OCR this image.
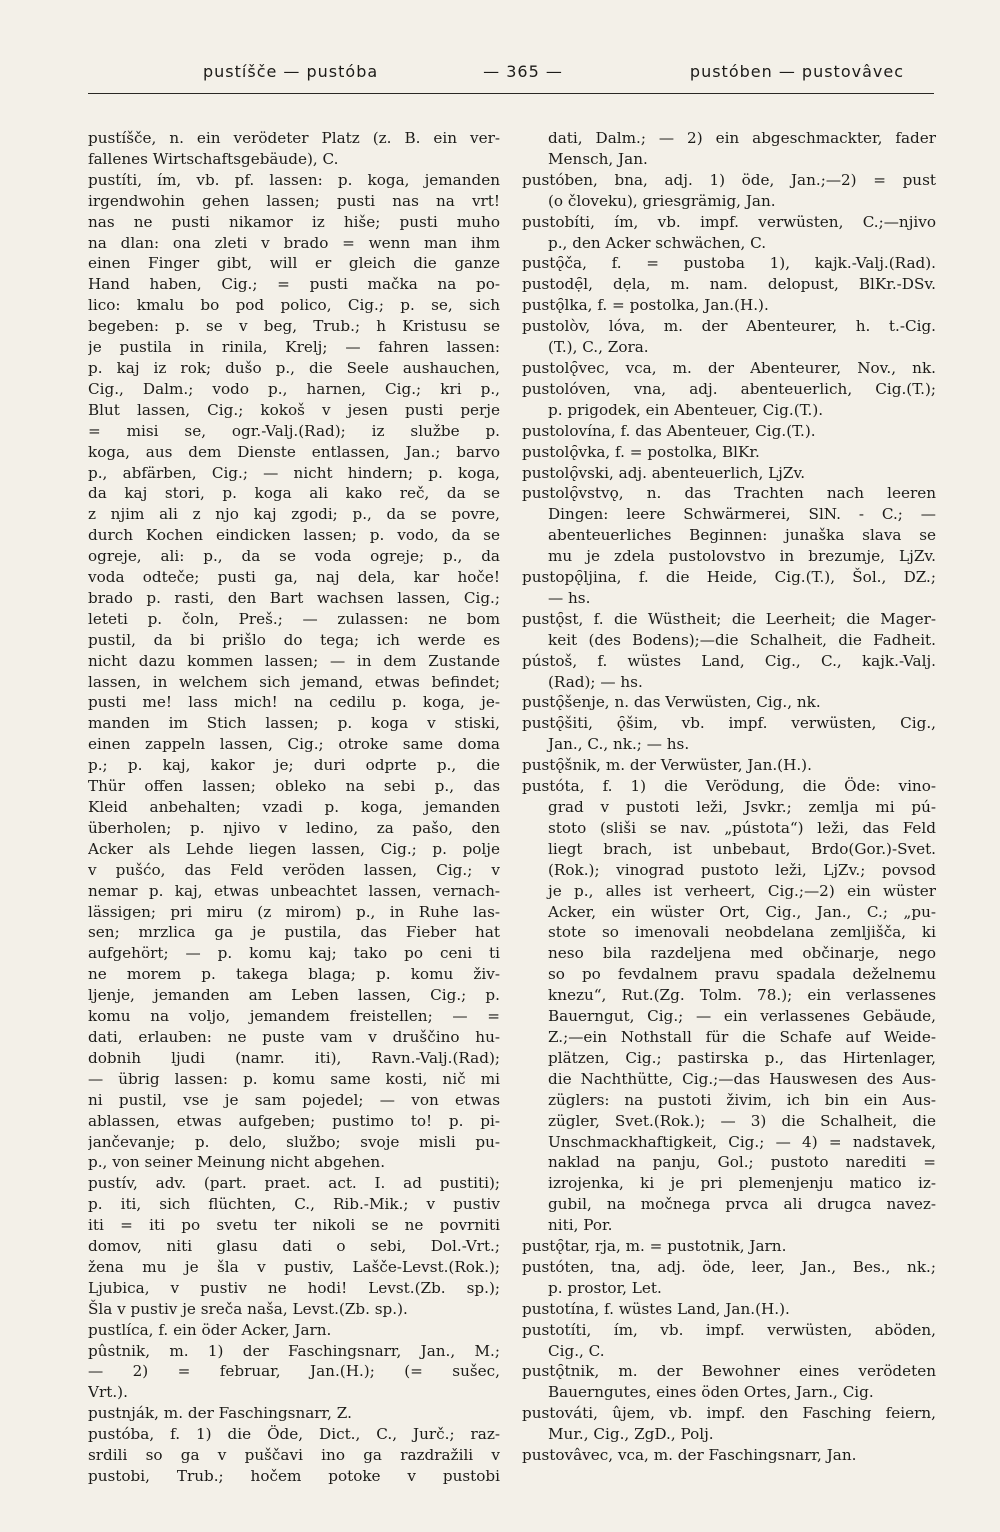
pustíšče — pustóba	— 365 —	pustóben — pustovâvec
pustíšče, n. ein verödeter Platz (z. B. ein ver-
fallenes Wirtschaftsgebäude), C.
pustíti, ím, vb. pf. lassen: p. koga, jemanden
irgendwohin gehen lassen; pusti nas na vrt!
nas ne pusti nikamor iz hiše; pusti muho
na dlan: ona zleti v brado = wenn man ihm
einen Finger gibt, will er gleich die ganze
Hand haben, Cig.; = pusti mačka na po-
lico: kmalu bo pod polico, Cig.; p. se, sich
begeben: p. se v beg, Trub.; h Kristusu se
je pustila in rinila, Krelj; — fahren lassen:
p. kaj iz rok; dušo p., die Seele aushauchen,
Cig., Dalm.; vodo p., harnen, Cig.; kri p.,
Blut lassen, Cig.; kokoš v jesen pusti perje
= misi se, ogr.-Valj.(Rad); iz službe p.
koga, aus dem Dienste entlassen, Jan.; barvo
p., abfärben, Cig.; — nicht hindern; p. koga,
da kaj stori, p. koga ali kako reč, da se
z njim ali z njo kaj zgodi; p., da se povre,
durch Kochen eindicken lassen; p. vodo, da se
ogreje, ali: p., da se voda ogreje; p., da
voda odteče; pusti ga, naj dela, kar hoče!
brado p. rasti, den Bart wachsen lassen, Cig.;
leteti p. čoln, Preš.; — zulassen: ne bom
pustil, da bi prišlo do tega; ich werde es
nicht dazu kommen lassen; — in dem Zustande
lassen, in welchem sich jemand, etwas befindet;
pusti me! lass mich! na cedilu p. koga, je-
manden im Stich lassen; p. koga v stiski,
einen zappeln lassen, Cig.; otroke same doma
p.; p. kaj, kakor je; duri odprte p., die
Thür offen lassen; obleko na sebi p., das
Kleid anbehalten; vzadi p. koga, jemanden
überholen; p. njivo v ledino, za pašo, den
Acker als Lehde liegen lassen, Cig.; p. polje
v pušćo, das Feld veröden lassen, Cig.; v
nemar p. kaj, etwas unbeachtet lassen, vernach-
lässigen; pri miru (z mirom) p., in Ruhe las-
sen; mrzlica ga je pustila, das Fieber hat
aufgehört; — p. komu kaj; tako po ceni ti
ne morem p. takega blaga; p. komu živ-
ljenje, jemanden am Leben lassen, Cig.; p.
komu na voljo, jemandem freistellen; — =
dati, erlauben: ne puste vam v druščino hu-
dobnih ljudi (namr. iti), Ravn.-Valj.(Rad);
— übrig lassen: p. komu same kosti, nič mi
ni pustil, vse je sam pojedel; — von etwas
ablassen, etwas aufgeben; pustimo to! p. pi-
jančevanje; p. delo, službo; svoje misli pu-
p., von seiner Meinung nicht abgehen.
pustív, adv. (part. praet. act. I. ad pustiti);
p. iti, sich flüchten, C., Rib.-Mik.; v pustiv
iti = iti po svetu ter nikoli se ne povrniti
domov, niti glasu dati o sebi, Dol.-Vrt.;
žena mu je šla v pustiv, Lašče-Levst.(Rok.);
Ljubica, v pustiv ne hodi! Levst.(Zb. sp.);
Šla v pustiv je sreča naša, Levst.(Zb. sp.).
pustlíca, f. ein öder Acker, Jarn.
pûstnik, m. 1) der Faschingsnarr, Jan., M.;
— 2) = februar, Jan.(H.); (= sušec,
Vrt.).
pustnják, m. der Faschingsnarr, Z.
pustóba, f. 1) die Öde, Dict., C., Jurč.; raz-
srdili so ga v puščavi ino ga razdražili v
pustobi, Trub.; hočem potoke v pustobi
dati, Dalm.; — 2) ein abgeschmackter, fader
Mensch, Jan.
pustóben, bna, adj. 1) öde, Jan.;—2) = pust
(o človeku), griesgrämig, Jan.
pustobíti, ím, vb. impf. verwüsten, C.;—njivo
p., den Acker schwächen, C.
pustǫ̑ča, f. = pustoba 1), kajk.-Valj.(Rad).
pustodẹ̑l, dẹla, m. nam. delopust, BlKr.-DSv.
pustǫ̑lka, f. = postolka, Jan.(H.).
pustolòv, lóva, m. der Abenteurer, h. t.-Cig.
(T.), C., Zora.
pustolǫ̑vec, vca, m. der Abenteurer, Nov., nk.
pustolóven, vna, adj. abenteuerlich, Cig.(T.);
p. prigodek, ein Abenteuer, Cig.(T.).
pustolovína, f. das Abenteuer, Cig.(T.).
pustolǫ̑vka, f. = postolka, BlKr.
pustolǫ̑vski, adj. abenteuerlich, LjZv.
pustolǫ̑vstvǫ, n. das Trachten nach leeren
Dingen: leere Schwärmerei, SlN. - C.; —
abenteuerliches Beginnen: junaška slava se
mu je zdela pustolovstvo in brezumje, LjZv.
pustopǫ̑ljina, f. die Heide, Cig.(T.), Šol., DZ.;
— hs.
pustǫ̑st, f. die Wüstheit; die Leerheit; die Mager-
keit (des Bodens);—die Schalheit, die Fadheit.
pústoš, f. wüstes Land, Cig., C., kajk.-Valj.
(Rad); — hs.
pustǫ̑šenje, n. das Verwüsten, Cig., nk.
pustǫ̑šiti, ǫ̑šim, vb. impf. verwüsten, Cig.,
Jan., C., nk.; — hs.
pustǫ̑šnik, m. der Verwüster, Jan.(H.).
pustóta, f. 1) die Verödung, die Öde: vino-
grad v pustoti leži, Jsvkr.; zemlja mi pú-
stoto (sliši se nav. „pústota“) leži, das Feld
liegt brach, ist unbebaut, Brdo(Gor.)-Svet.
(Rok.); vinograd pustoto leži, LjZv.; povsod
je p., alles ist verheert, Cig.;—2) ein wüster
Acker, ein wüster Ort, Cig., Jan., C.; „pu-
stote so imenovali neobdelana zemljišča, ki
neso bila razdeljena med občinarje, nego
so po fevdalnem pravu spadala deželnemu
knezu“, Rut.(Zg. Tolm. 78.); ein verlassenes
Bauerngut, Cig.; — ein verlassenes Gebäude,
Z.;—ein Nothstall für die Schafe auf Weide-
plätzen, Cig.; pastirska p., das Hirtenlager,
die Nachthütte, Cig.;—das Hauswesen des Aus-
züglers: na pustoti živim, ich bin ein Aus-
zügler, Svet.(Rok.); — 3) die Schalheit, die
Unschmackhaftigkeit, Cig.; — 4) = nadstavek,
naklad na panju, Gol.; pustoto narediti =
izrojenka, ki je pri plemenjenju matico iz-
gubil, na močnega prvca ali drugca navez-
niti, Por.
pustǫ̑tar, rja, m. = pustotnik, Jarn.
pustóten, tna, adj. öde, leer, Jan., Bes., nk.;
p. prostor, Let.
pustotína, f. wüstes Land, Jan.(H.).
pustotíti, ím, vb. impf. verwüsten, aböden,
Cig., C.
pustǫ̑tnik, m. der Bewohner eines verödeten
Bauerngutes, eines öden Ortes, Jarn., Cig.
pustováti, ûjem, vb. impf. den Fasching feiern,
Mur., Cig., ZgD., Polj.
pustovâvec, vca, m. der Faschingsnarr, Jan.
